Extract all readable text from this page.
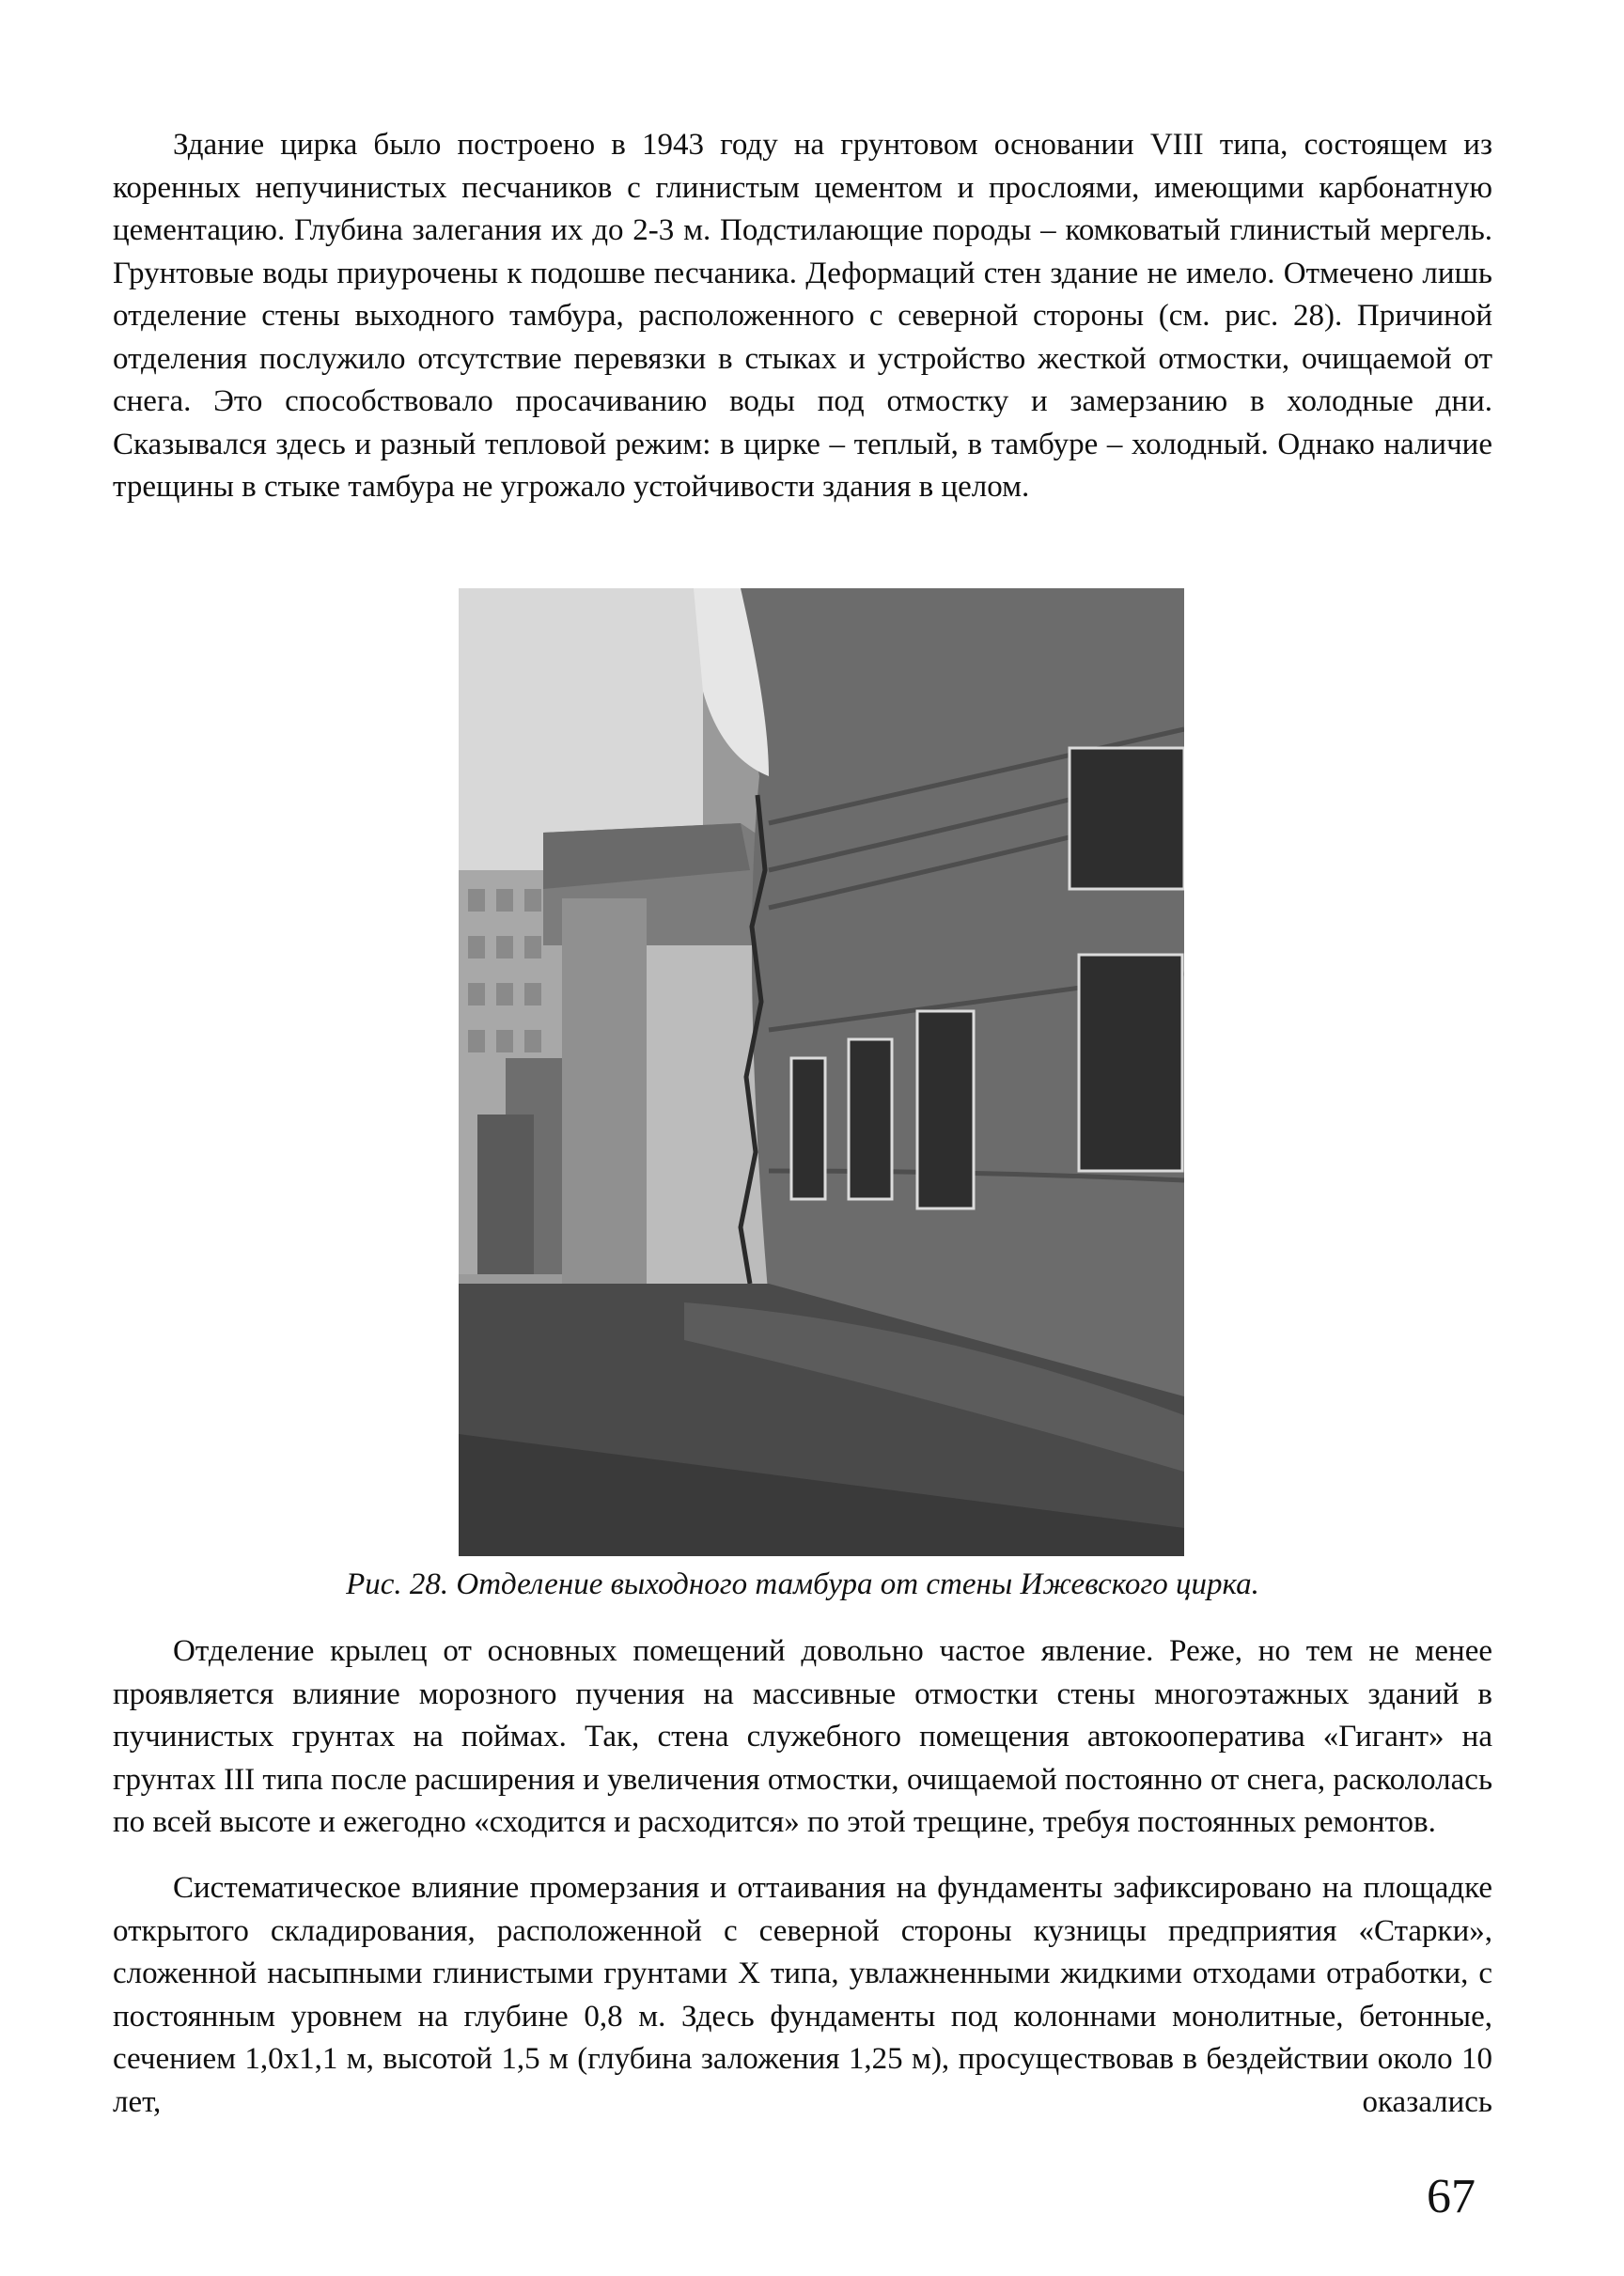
Здание цирка было построено в 1943 году на грунтовом основании VIII типа, состоящем из коренных непучинистых песчаников с глинистым цементом и прослоями, имеющими карбонатную цементацию. Глубина залегания их до 2-3 м. Подстилающие породы – комковатый глинистый мергель. Грунтовые воды приурочены к подошве песчаника. Деформаций стен здание не имело. Отмечено лишь отделение стены выходного тамбура, расположенного с северной стороны (см. рис. 28). Причиной отделения послужило отсутствие перевязки в стыках и устройство жесткой отмостки, очищаемой от снега. Это способствовало просачиванию воды под отмостку и замерзанию в холодные дни. Сказывался здесь и разный тепловой режим: в цирке – теплый, в тамбуре – холодный. Однако наличие трещины в стыке тамбура не угрожало устойчивости здания в целом.

Рис. 28. Отделение выходного тамбура от стены Ижевского цирка.

Отделение крылец от основных помещений довольно частое явление. Реже, но тем не менее проявляется влияние морозного пучения на массивные отмостки стены многоэтажных зданий в пучинистых грунтах на поймах. Так, стена служебного помещения автокооператива «Гигант» на грунтах III типа после расширения и увеличения отмостки, очищаемой постоянно от снега, раскололась по всей высоте и ежегодно «сходится и расходится» по этой трещине, требуя постоянных ремонтов.

Систематическое влияние промерзания и оттаивания на фундаменты зафиксировано на площадке открытого складирования, расположенной с северной стороны кузницы предприятия «Старки», сложенной насыпными глинистыми грунтами X типа, увлажненными жидкими отходами отработки, с постоянным уровнем на глубине 0,8 м. Здесь фундаменты под колоннами монолитные, бетонные, сечением 1,0x1,1 м, высотой 1,5 м (глубина заложения 1,25 м), просуществовав в бездействии около 10 лет, оказались

67
